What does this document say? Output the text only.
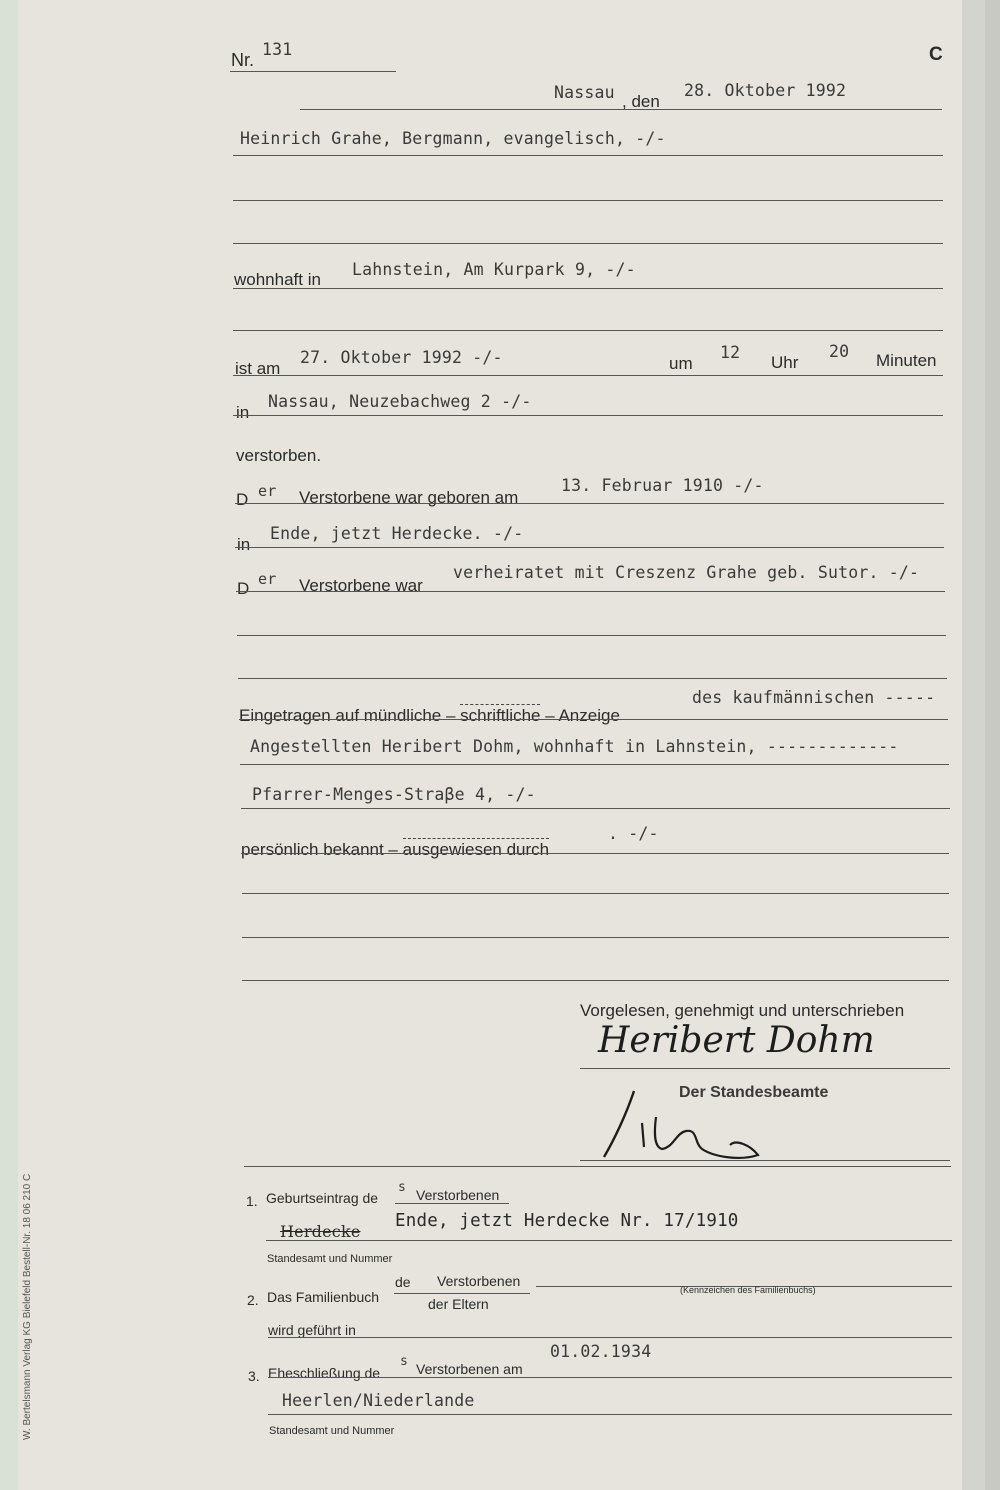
Nr.
131	C
Nassau , den
28. Oktober 1992
Heinrich Grahe, Bergmann, evangelisch, -/-
wohnhaft in
Lahnstein, Am Kurpark 9, -/-
ist am
27. Oktober 1992 -/-	um
12
Uhr
20 Minuten
in
Nassau, Neuzebachweg 2 -/-
verstorben.
D er Verstorbene war geboren am
13. Februar 1910 -/-
in
Ende, jetzt Herdecke. -/-
D er Verstorbene war
verheiratet mit Creszenz Grahe geb. Sutor. -/-
Eingetragen auf mündliche – schriftliche – Anzeige
des kaufmännischen -----
Angestellten Heribert Dohm, wohnhaft in Lahnstein, -------------
Pfarrer-Menges-Straβe 4, -/-
persönlich bekannt – ausgewiesen durch
. -/-
Vorgelesen, genehmigt und unterschrieben
Heribert Dohm
Der Standesbeamte
1. Geburtseintrag de
s Verstorbenen
Herdecke
Ende, jetzt Herdecke Nr. 17/1910
Standesamt und Nummer
2. Das Familienbuch
de Verstorbenen
der Eltern
(Kennzeichen des Familienbuchs)
wird geführt in
3. Eheschließung de
s Verstorbenen am
01.02.1934
Heerlen/Niederlande
Standesamt und Nummer
W. Bertelsmann Verlag KG Bielefeld Bestell-Nr. 18 06 210 C
